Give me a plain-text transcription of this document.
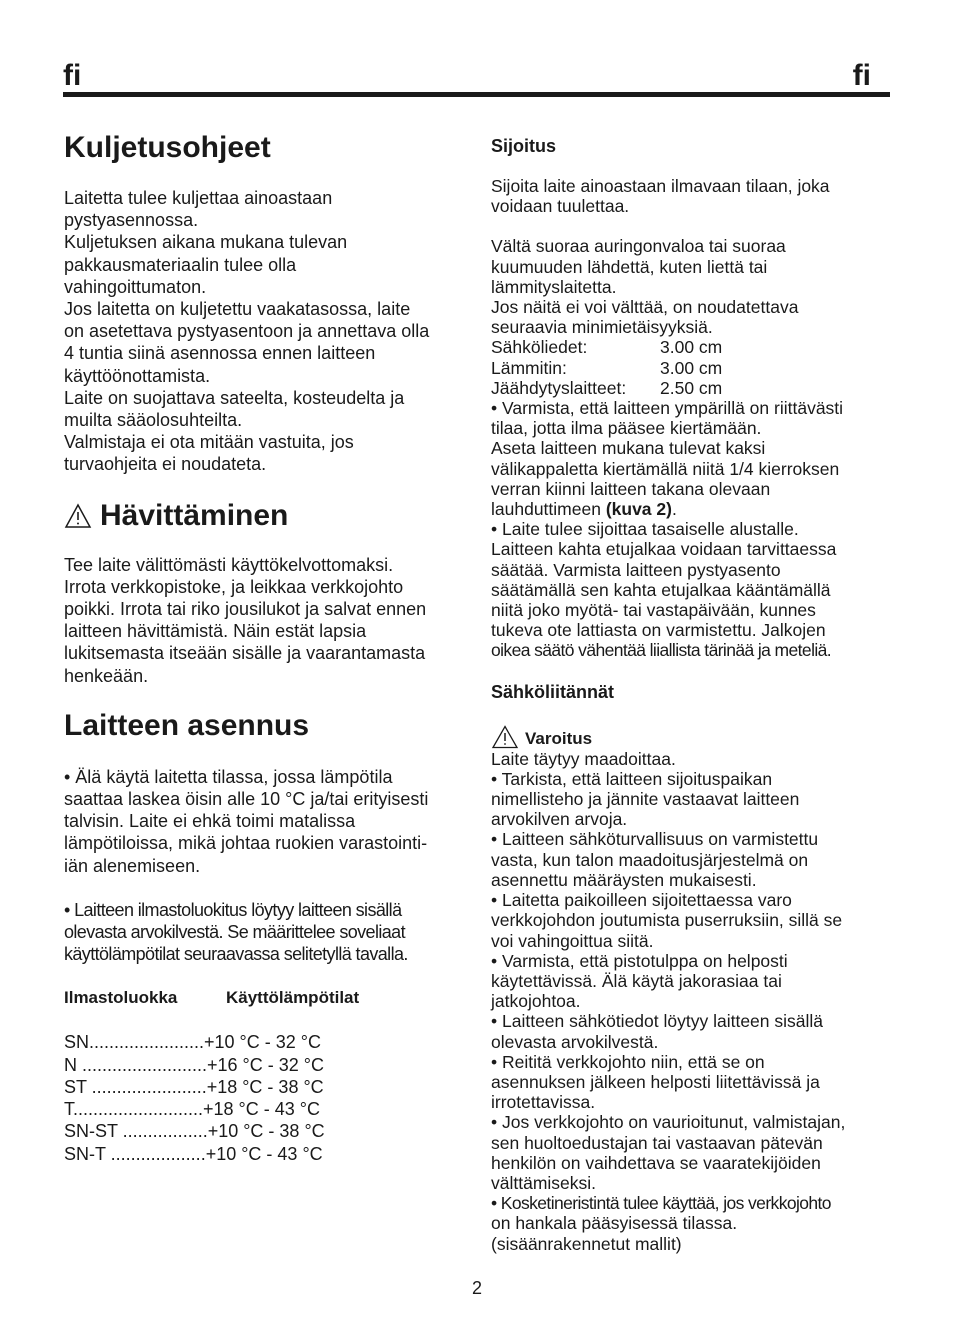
fi	fi
Kuljetusohjeet
Laitetta tulee kuljettaa ainoastaan
pystyasennossa.
Kuljetuksen aikana mukana tulevan
pakkausmateriaalin tulee olla
vahingoittumaton.
Jos laitetta on kuljetettu vaakatasossa, laite
on asetettava pystyasentoon ja annettava olla
4 tuntia siinä asennossa ennen laitteen
käyttöönottamista.
Laite on suojattava sateelta, kosteudelta ja
muilta sääolosuhteilta.
Valmistaja ei ota mitään vastuita, jos
turvaohjeita ei noudateta.
Hävittäminen
Tee laite välittömästi käyttökelvottomaksi.
Irrota verkkopistoke, ja leikkaa verkkojohto
poikki. Irrota tai riko jousilukot ja salvat ennen
laitteen hävittämistä. Näin estät lapsia
lukitsemasta itseään sisälle ja vaarantamasta
henkeään.
Laitteen asennus
• Älä käytä laitetta tilassa, jossa lämpötila
saattaa laskea öisin alle 10 °C ja/tai erityisesti
talvisin. Laite ei ehkä toimi matalissa
lämpötiloissa, mikä johtaa ruokien varastointi-
iän alenemiseen.
• Laitteen ilmastoluokitus löytyy laitteen sisällä
olevasta arvokilvestä. Se määrittelee soveliaat
käyttölämpötilat seuraavassa selitetyllä tavalla.
Ilmastoluokka	Käyttölämpötilat
SN.......................+10 °C - 32 °C
N .........................+16 °C - 32 °C
ST .......................+18 °C - 38 °C
T..........................+18 °C - 43 °C
SN-ST .................+10 °C - 38 °C
SN-T ...................+10 °C - 43 °C
Sijoitus
Sijoita laite ainoastaan ilmavaan tilaan, joka
voidaan tuulettaa.
Vältä suoraa auringonvaloa tai suoraa
kuumuuden lähdettä, kuten liettä tai
lämmityslaitetta.
Jos näitä ei voi välttää, on noudatettava
seuraavia minimietäisyyksiä.
Sähköliedet:	3.00 cm
Lämmitin:	3.00 cm
Jäähdytyslaitteet:	2.50 cm
• Varmista, että laitteen ympärillä on riittävästi
tilaa, jotta ilma pääsee kiertämään.
Aseta laitteen mukana tulevat kaksi
välikappaletta kiertämällä niitä 1/4 kierroksen
verran kiinni laitteen takana olevaan
lauhduttimeen (kuva 2).
• Laite tulee sijoittaa tasaiselle alustalle.
Laitteen kahta etujalkaa voidaan tarvittaessa
säätää. Varmista laitteen pystyasento
säätämällä sen kahta etujalkaa kääntämällä
niitä joko myötä- tai vastapäivään, kunnes
tukeva ote lattiasta on varmistettu. Jalkojen
oikea säätö vähentää liiallista tärinää ja meteliä.
Sähköliitännät
Varoitus
Laite täytyy maadoittaa.
• Tarkista, että laitteen sijoituspaikan
nimellisteho ja jännite vastaavat laitteen
arvokilven arvoja.
• Laitteen sähköturvallisuus on varmistettu
vasta, kun talon maadoitusjärjestelmä on
asennettu määräysten mukaisesti.
• Laitetta paikoilleen sijoitettaessa varo
verkkojohdon joutumista puserruksiin, sillä se
voi vahingoittua siitä.
• Varmista, että pistotulppa on helposti
käytettävissä. Älä käytä jakorasiaa tai
jatkojohtoa.
• Laitteen sähkötiedot löytyy laitteen sisällä
olevasta arvokilvestä.
• Reititä verkkojohto niin, että se on
asennuksen jälkeen helposti liitettävissä ja
irrotettavissa.
• Jos verkkojohto on vaurioitunut, valmistajan,
sen huoltoedustajan tai vastaavan pätevän
henkilön on vaihdettava se vaaratekijöiden
välttämiseksi.
• Kosketineristintä tulee käyttää, jos verkkojohto
on hankala pääsyisessä tilassa.
(sisäänrakennetut mallit)
2
